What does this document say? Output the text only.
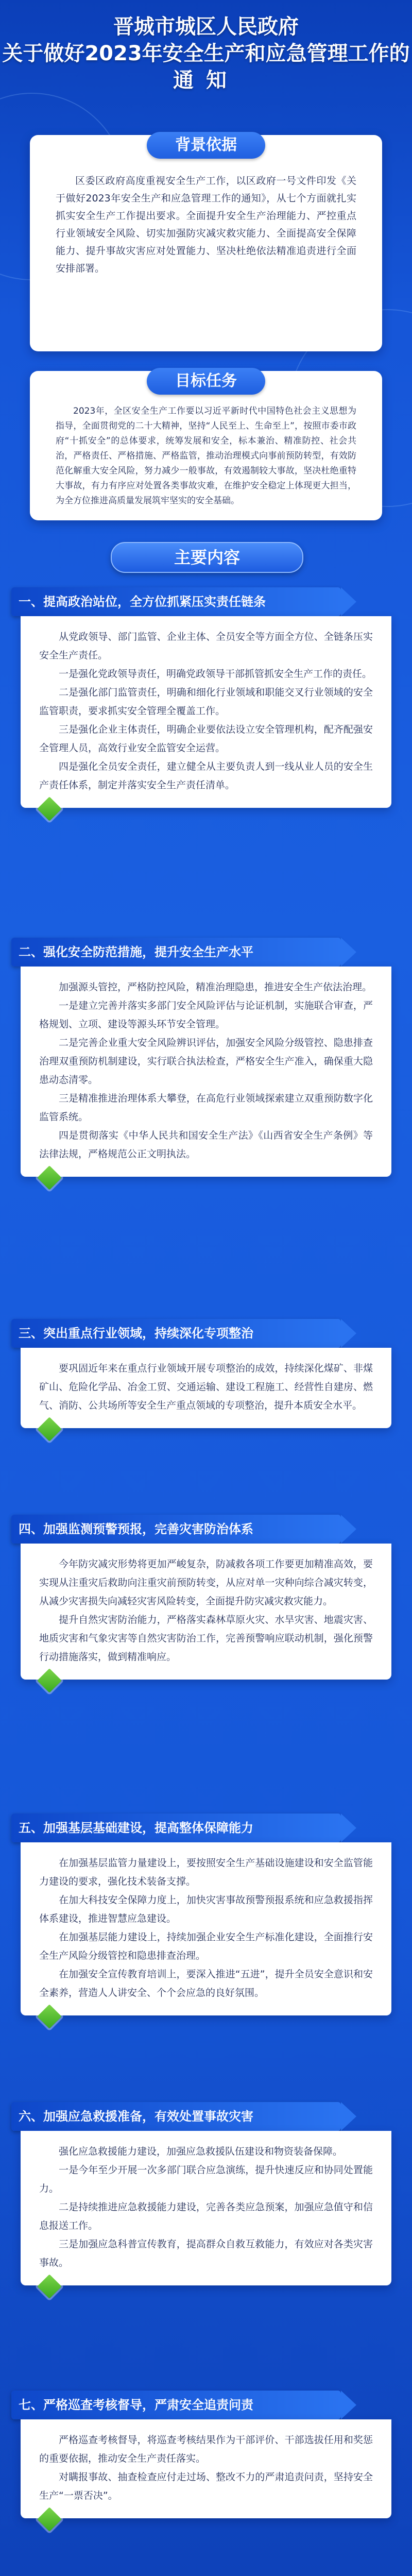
晋城市城区人民政府
关于做好2023年安全生产和应急管理工作的
通知
背景依据

区委区政府高度重视安全生产工作，以区政府一号文件印发《关于做好2023年安全生产和应急管理工作的通知》，从七个方面就扎实抓实安全生产工作提出要求。全面提升安全生产治理能力、严控重点行业领域安全风险、切实加强防灾减灾救灾能力、全面提高安全保障能力、提升事故灾害应对处置能力、坚决杜绝依法精准追责进行全面安排部署。

目标任务

2023年，全区安全生产工作要以习近平新时代中国特色社会主义思想为指导，全面贯彻党的二十大精神，坚持“人民至上、生命至上”，按照市委市政府“十抓安全”的总体要求，统筹发展和安全，标本兼治、精准防控、社会共治，严格责任、严格措施、严格监管，推动治理模式向事前预防转型，有效防范化解重大安全风险，努力减少一般事故，有效遏制较大事故，坚决杜绝重特大事故，有力有序应对处置各类事故灾难，在维护安全稳定上体现更大担当，为全方位推进高质量发展筑牢坚实的安全基础。

主要内容
一、提高政治站位，全方位抓紧压实责任链条

从党政领导、部门监管、企业主体、全员安全等方面全方位、全链条压实安全生产责任。

一是强化党政领导责任，明确党政领导干部抓管抓安全生产工作的责任。

二是强化部门监管责任，明确和细化行业领域和职能交叉行业领域的安全监管职责，要求抓实安全管理全覆盖工作。

三是强化企业主体责任，明确企业要依法设立安全管理机构，配齐配强安全管理人员，高效行业安全监管安全运营。

四是强化全员安全责任，建立健全从主要负责人到一线从业人员的安全生产责任体系，制定并落实安全生产责任清单。

二、强化安全防范措施，提升安全生产水平

加强源头管控，严格防控风险，精准治理隐患，推进安全生产依法治理。

一是建立完善并落实多部门安全风险评估与论证机制，实施联合审查，严格规划、立项、建设等源头环节安全管理。

二是完善企业重大安全风险辨识评估，加强安全风险分级管控、隐患排查治理双重预防机制建设，实行联合执法检查，严格安全生产准入，确保重大隐患动态清零。

三是精准推进治理体系大攀登，在高危行业领域探索建立双重预防数字化监管系统。

四是贯彻落实《中华人民共和国安全生产法》《山西省安全生产条例》等法律法规，严格规范公正文明执法。

三、突出重点行业领域，持续深化专项整治

要巩固近年来在重点行业领域开展专项整治的成效，持续深化煤矿、非煤矿山、危险化学品、冶金工贸、交通运输、建设工程施工、经营性自建房、燃气、消防、公共场所等安全生产重点领域的专项整治，提升本质安全水平。

四、加强监测预警预报，完善灾害防治体系

今年防灾减灾形势将更加严峻复杂，防减救各项工作要更加精准高效，要实现从注重灾后救助向注重灾前预防转变，从应对单一灾种向综合减灾转变，从减少灾害损失向减轻灾害风险转变，全面提升防灾减灾救灾能力。

提升自然灾害防治能力，严格落实森林草原火灾、水旱灾害、地震灾害、地质灾害和气象灾害等自然灾害防治工作，完善预警响应联动机制，强化预警行动措施落实，做到精准响应。

五、加强基层基础建设，提高整体保障能力

在加强基层监管力量建设上，要按照安全生产基础设施建设和安全监管能力建设的要求，强化技术装备支撑。

在加大科技安全保障力度上，加快灾害事故预警预报系统和应急救援指挥体系建设，推进智慧应急建设。

在加强基层能力建设上，持续加强企业安全生产标准化建设，全面推行安全生产风险分级管控和隐患排查治理。

在加强安全宣传教育培训上，要深入推进“五进”，提升全员安全意识和安全素养，营造人人讲安全、个个会应急的良好氛围。

六、加强应急救援准备，有效处置事故灾害

强化应急救援能力建设，加强应急救援队伍建设和物资装备保障。

一是今年至少开展一次多部门联合应急演练，提升快速反应和协同处置能力。

二是持续推进应急救援能力建设，完善各类应急预案，加强应急值守和信息报送工作。

三是加强应急科普宣传教育，提高群众自救互救能力，有效应对各类灾害事故。

七、严格巡查考核督导，严肃安全追责问责

严格巡查考核督导，将巡查考核结果作为干部评价、干部选拔任用和奖惩的重要依据，推动安全生产责任落实。

对瞒报事故、抽查检查应付走过场、整改不力的严肃追责问责，坚持安全生产“一票否决”。
